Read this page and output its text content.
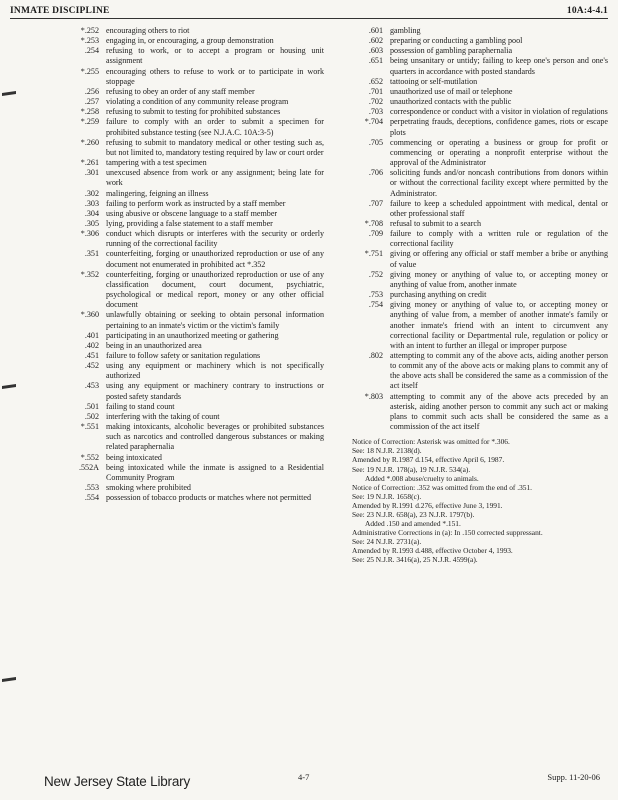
INMATE DISCIPLINE	10A:4-4.1
*.252 encouraging others to riot
*.253 engaging in, or encouraging, a group demonstration
.254 refusing to work, or to accept a program or housing unit assignment
*.255 encouraging others to refuse to work or to participate in work stoppage
.256 refusing to obey an order of any staff member
.257 violating a condition of any community release program
*.258 refusing to submit to testing for prohibited substances
*.259 failure to comply with an order to submit a specimen for prohibited substance testing (see N.J.A.C. 10A:3-5)
*.260 refusing to submit to mandatory medical or other testing such as, but not limited to, mandatory testing required by law or court order
*.261 tampering with a test specimen
.301 unexcused absence from work or any assignment; being late for work
.302 malingering, feigning an illness
.303 failing to perform work as instructed by a staff member
.304 using abusive or obscene language to a staff member
.305 lying, providing a false statement to a staff member
*.306 conduct which disrupts or interferes with the security or orderly running of the correctional facility
.351 counterfeiting, forging or unauthorized reproduction or use of any document not enumerated in prohibited act *.352
*.352 counterfeiting, forging or unauthorized reproduction or use of any classification document, court document, psychiatric, psychological or medical report, money or any other official document
*.360 unlawfully obtaining or seeking to obtain personal information pertaining to an inmate's victim or the victim's family
.401 participating in an unauthorized meeting or gathering
.402 being in an unauthorized area
.451 failure to follow safety or sanitation regulations
.452 using any equipment or machinery which is not specifically authorized
.453 using any equipment or machinery contrary to instructions or posted safety standards
.501 failing to stand count
.502 interfering with the taking of count
*.551 making intoxicants, alcoholic beverages or prohibited substances such as narcotics and controlled dangerous substances or making related paraphernalia
*.552 being intoxicated
.552A being intoxicated while the inmate is assigned to a Residential Community Program
.553 smoking where prohibited
.554 possession of tobacco products or matches where not permitted
.601 gambling
.602 preparing or conducting a gambling pool
.603 possession of gambling paraphernalia
.651 being unsanitary or untidy; failing to keep one's person and one's quarters in accordance with posted standards
.652 tattooing or self-mutilation
.701 unauthorized use of mail or telephone
.702 unauthorized contacts with the public
.703 correspondence or conduct with a visitor in violation of regulations
*.704 perpetrating frauds, deceptions, confidence games, riots or escape plots
.705 commencing or operating a business or group for profit or commencing or operating a nonprofit enterprise without the approval of the Administrator
.706 soliciting funds and/or noncash contributions from donors within or without the correctional facility except where permitted by the Administrator.
.707 failure to keep a scheduled appointment with medical, dental or other professional staff
*.708 refusal to submit to a search
.709 failure to comply with a written rule or regulation of the correctional facility
*.751 giving or offering any official or staff member a bribe or anything of value
.752 giving money or anything of value to, or accepting money or anything of value from, another inmate
.753 purchasing anything on credit
.754 giving money or anything of value to, or accepting money or anything of value from, a member of another inmate's family or another inmate's friend with an intent to circumvent any correctional facility or Departmental rule, regulation or policy or with an intent to further an illegal or improper purpose
.802 attempting to commit any of the above acts, aiding another person to commit any of the above acts or making plans to commit any of the above acts shall be considered the same as a commission of the act itself
*.803 attempting to commit any of the above acts preceded by an asterisk, aiding another person to commit any such act or making plans to commit such acts shall be considered the same as a commission of the act itself
Notice of Correction: Asterisk was omitted for *.306.
See: 18 N.J.R. 2138(d).
Amended by R.1987 d.154, effective April 6, 1987.
See: 19 N.J.R. 178(a), 19 N.J.R. 534(a).
Added *.008 abuse/cruelty to animals.
Notice of Correction: .352 was omitted from the end of .351.
See: 19 N.J.R. 1658(c).
Amended by R.1991 d.276, effective June 3, 1991.
See: 23 N.J.R. 658(a), 23 N.J.R. 1797(b).
Added .150 and amended *.151.
Administrative Corrections in (a): In .150 corrected suppressant.
See: 24 N.J.R. 2731(a).
Amended by R.1993 d.488, effective October 4, 1993.
See: 25 N.J.R. 3416(a), 25 N.J.R. 4599(a).
New Jersey State Library	4-7	Supp. 11-20-06
